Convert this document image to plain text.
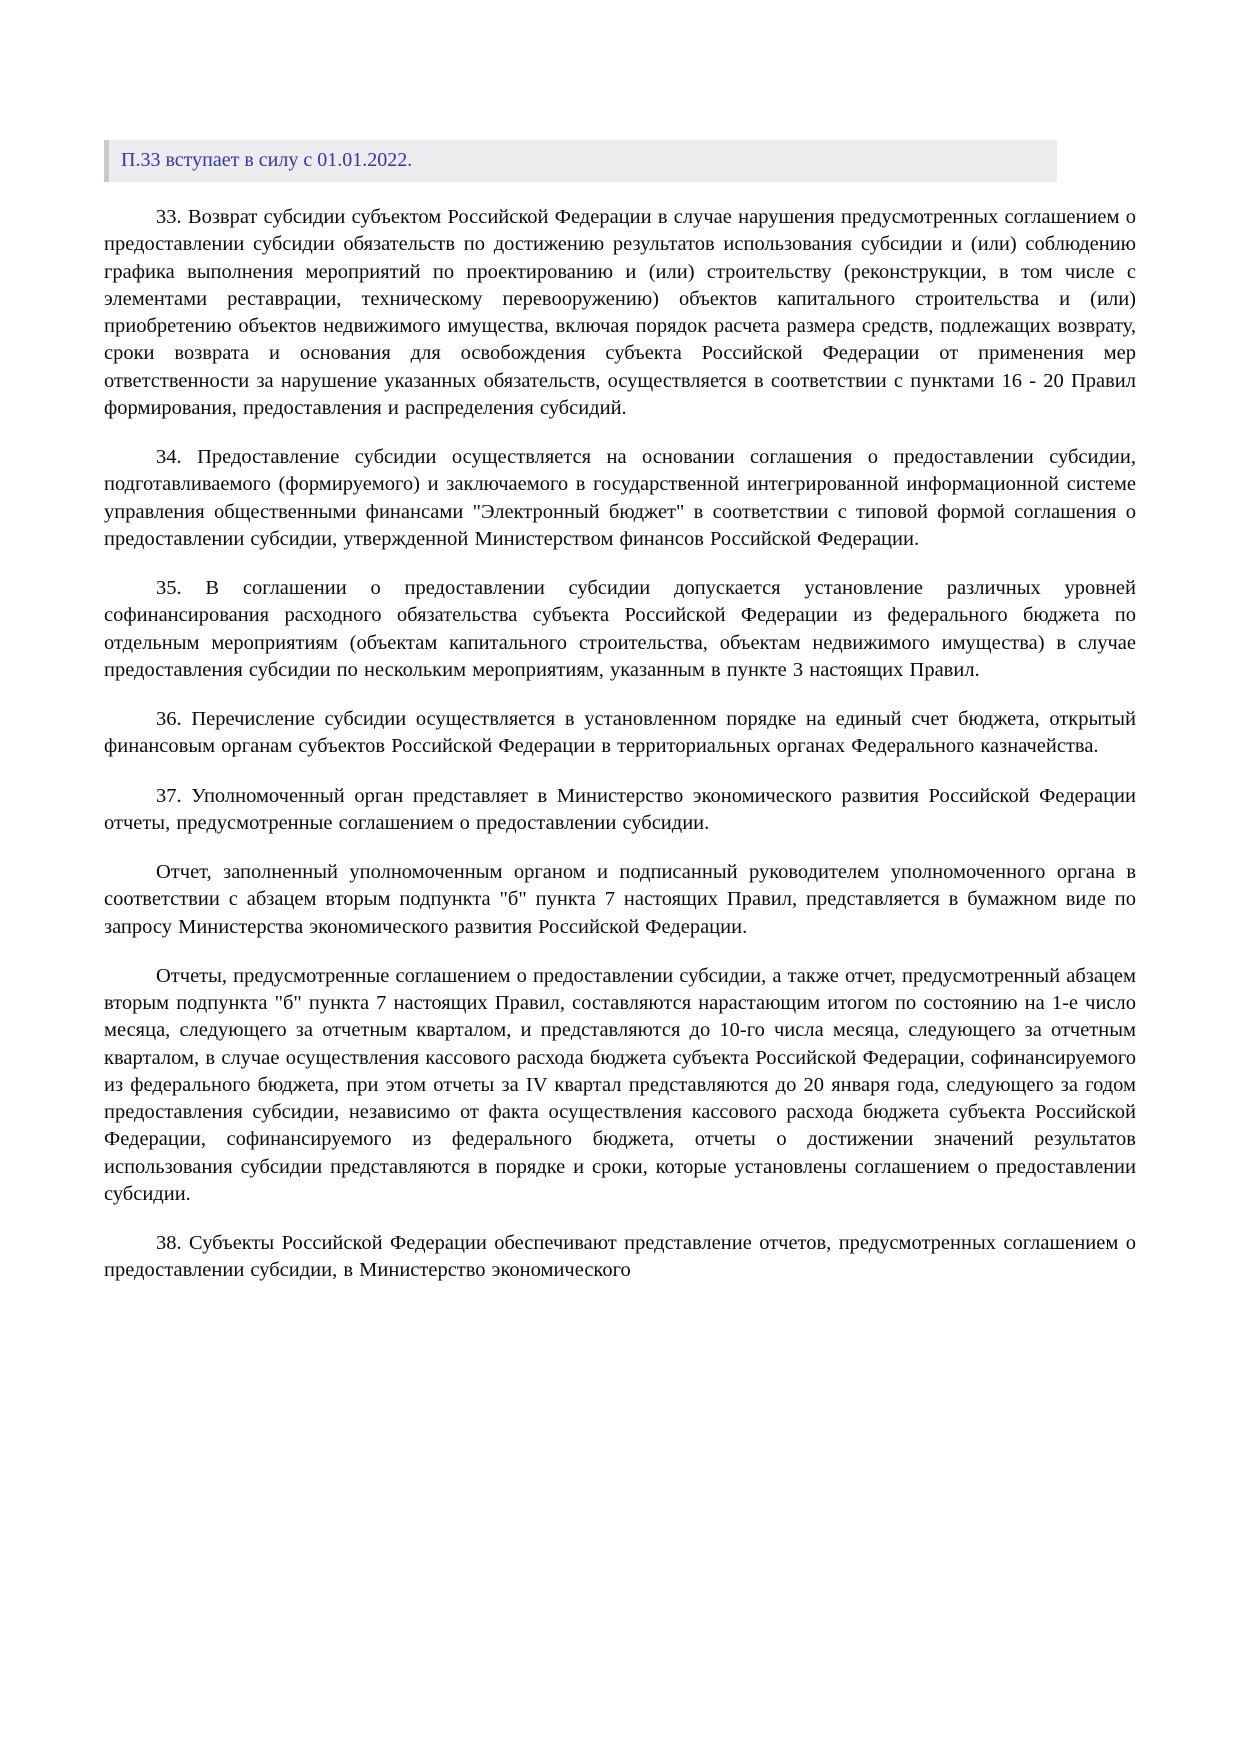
П.33 вступает в силу с 01.01.2022.

33. Возврат субсидии субъектом Российской Федерации в случае нарушения предусмотренных соглашением о предоставлении субсидии обязательств по достижению результатов использования субсидии и (или) соблюдению графика выполнения мероприятий по проектированию и (или) строительству (реконструкции, в том числе с элементами реставрации, техническому перевооружению) объектов капитального строительства и (или) приобретению объектов недвижимого имущества, включая порядок расчета размера средств, подлежащих возврату, сроки возврата и основания для освобождения субъекта Российской Федерации от применения мер ответственности за нарушение указанных обязательств, осуществляется в соответствии с пунктами 16 - 20 Правил формирования, предоставления и распределения субсидий.

34. Предоставление субсидии осуществляется на основании соглашения о предоставлении субсидии, подготавливаемого (формируемого) и заключаемого в государственной интегрированной информационной системе управления общественными финансами "Электронный бюджет" в соответствии с типовой формой соглашения о предоставлении субсидии, утвержденной Министерством финансов Российской Федерации.

35. В соглашении о предоставлении субсидии допускается установление различных уровней софинансирования расходного обязательства субъекта Российской Федерации из федерального бюджета по отдельным мероприятиям (объектам капитального строительства, объектам недвижимого имущества) в случае предоставления субсидии по нескольким мероприятиям, указанным в пункте 3 настоящих Правил.

36. Перечисление субсидии осуществляется в установленном порядке на единый счет бюджета, открытый финансовым органам субъектов Российской Федерации в территориальных органах Федерального казначейства.

37. Уполномоченный орган представляет в Министерство экономического развития Российской Федерации отчеты, предусмотренные соглашением о предоставлении субсидии.

Отчет, заполненный уполномоченным органом и подписанный руководителем уполномоченного органа в соответствии с абзацем вторым подпункта "б" пункта 7 настоящих Правил, представляется в бумажном виде по запросу Министерства экономического развития Российской Федерации.

Отчеты, предусмотренные соглашением о предоставлении субсидии, а также отчет, предусмотренный абзацем вторым подпункта "б" пункта 7 настоящих Правил, составляются нарастающим итогом по состоянию на 1-е число месяца, следующего за отчетным кварталом, и представляются до 10-го числа месяца, следующего за отчетным кварталом, в случае осуществления кассового расхода бюджета субъекта Российской Федерации, софинансируемого из федерального бюджета, при этом отчеты за IV квартал представляются до 20 января года, следующего за годом предоставления субсидии, независимо от факта осуществления кассового расхода бюджета субъекта Российской Федерации, софинансируемого из федерального бюджета, отчеты о достижении значений результатов использования субсидии представляются в порядке и сроки, которые установлены соглашением о предоставлении субсидии.

38. Субъекты Российской Федерации обеспечивают представление отчетов, предусмотренных соглашением о предоставлении субсидии, в Министерство экономического
